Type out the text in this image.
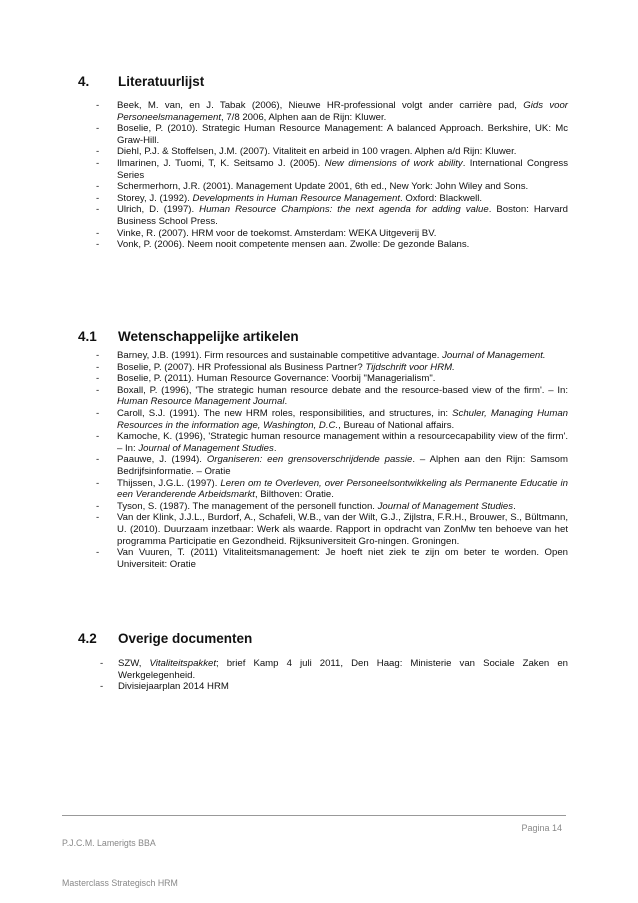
4.	Literatuurlijst
- Beek, M. van, en J. Tabak (2006), Nieuwe HR-professional volgt ander carrière pad, Gids voor Personeelsmanagement, 7/8 2006, Alphen aan de Rijn: Kluwer.
- Boselie, P. (2010). Strategic Human Resource Management: A balanced Approach. Berkshire, UK: Mc Graw-Hill.
- Diehl, P.J. & Stoffelsen, J.M. (2007). Vitaliteit en arbeid in 100 vragen. Alphen a/d Rijn: Kluwer.
- Ilmarinen, J. Tuomi, T, K. Seitsamo J. (2005). New dimensions of work ability. International Congress Series
- Schermerhorn, J.R. (2001). Management Update 2001, 6th ed., New York: John Wiley and Sons.
- Storey, J. (1992). Developments in Human Resource Management. Oxford: Blackwell.
- Ulrich, D. (1997). Human Resource Champions: the next agenda for adding value. Boston: Harvard Business School Press.
- Vinke, R. (2007). HRM voor de toekomst. Amsterdam: WEKA Uitgeverij BV.
- Vonk, P. (2006). Neem nooit competente mensen aan. Zwolle: De gezonde Balans.
4.1	Wetenschappelijke artikelen
- Barney, J.B. (1991). Firm resources and sustainable competitive advantage. Journal of Management.
- Boselie, P. (2007). HR Professional als Business Partner? Tijdschrift voor HRM.
- Boselie, P. (2011). Human Resource Governance: Voorbij "Managerialism".
- Boxall, P. (1996), 'The strategic human resource debate and the resource-based view of the firm'. – In: Human Resource Management Journal.
- Caroll, S.J. (1991). The new HRM roles, responsibilities, and structures, in: Schuler, Managing Human Resources in the information age, Washington, D.C., Bureau of National affairs.
- Kamoche, K. (1996), 'Strategic human resource management within a resourcecapability view of the firm'. – In: Journal of Management Studies.
- Paauwe, J. (1994). Organiseren: een grensoverschrijdende passie. – Alphen aan den Rijn: Samsom Bedrijfsinformatie. – Oratie
- Thijssen, J.G.L. (1997). Leren om te Overleven, over Personeelsontwikkeling als Permanente Educatie in een Veranderende Arbeidsmarkt, Bilthoven: Oratie.
- Tyson, S. (1987). The management of the personell function. Journal of Management Studies.
- Van der Klink, J.J.L., Burdorf, A., Schafeli, W.B., van der Wilt, G.J., Zijlstra, F.R.H., Brouwer, S., Bültmann, U. (2010). Duurzaam inzetbaar: Werk als waarde. Rapport in opdracht van ZonMw ten behoeve van het programma Participatie en Gezondheid. Rijksuniversiteit Gro-ningen. Groningen.
- Van Vuuren, T. (2011) Vitaliteitsmanagement: Je hoeft niet ziek te zijn om beter te worden. Open Universiteit: Oratie
4.2	Overige documenten
- SZW, Vitaliteitspakket; brief Kamp 4 juli 2011, Den Haag: Ministerie van Sociale Zaken en Werkgelegenheid.
- Divisiejaarplan 2014 HRM
Pagina 14
P.J.C.M. Lamerigts BBA
Masterclass Strategisch HRM
